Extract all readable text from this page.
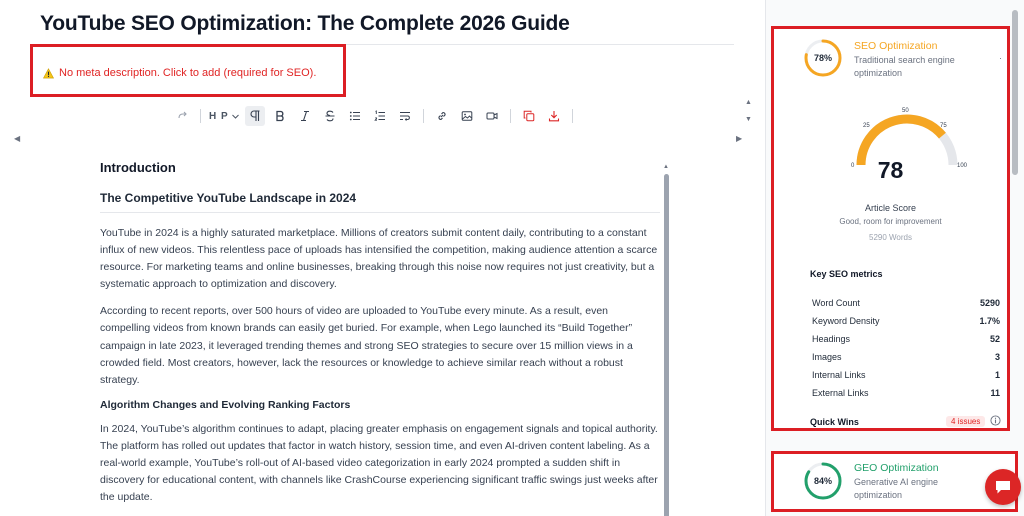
YouTube SEO Optimization: The Complete 2026 Guide
No meta description. Click to add (required for SEO).
H P
◀	▶
▲
▼
Introduction
The Competitive YouTube Landscape in 2024
YouTube in 2024 is a highly saturated marketplace. Millions of creators submit content daily, contributing to a constant influx of new videos. This relentless pace of uploads has intensified the competition, making audience attention a scarce resource. For marketing teams and online businesses, breaking through this noise now requires not just creativity, but a systematic approach to optimization and discovery.
According to recent reports, over 500 hours of video are uploaded to YouTube every minute. As a result, even compelling videos from known brands can easily get buried. For example, when Lego launched its “Build Together” campaign in late 2023, it leveraged trending themes and strong SEO strategies to secure over 15 million views in a crowded field. Most creators, however, lack the resources or knowledge to achieve similar reach without a robust strategy.
Algorithm Changes and Evolving Ranking Factors
In 2024, YouTube’s algorithm continues to adapt, placing greater emphasis on engagement signals and topical authority. The platform has rolled out updates that factor in watch history, session time, and even AI-driven content labeling. As a real-world example, YouTube’s roll-out of AI-based video categorization in early 2024 prompted a sudden shift in discovery for educational content, with channels like CrashCourse experiencing significant traffic swings just weeks after the update.
▲
78%
SEO Optimization
Traditional search engine optimization
·
0
25
50
75
100
78
Article Score
Good, room for improvement
5290 Words
Key SEO metrics
Word Count	5290
Keyword Density	1.7%
Headings	52
Images	3
Internal Links	1
External Links	11
Quick Wins	4 issues
84%
GEO Optimization
Generative AI engine optimization
